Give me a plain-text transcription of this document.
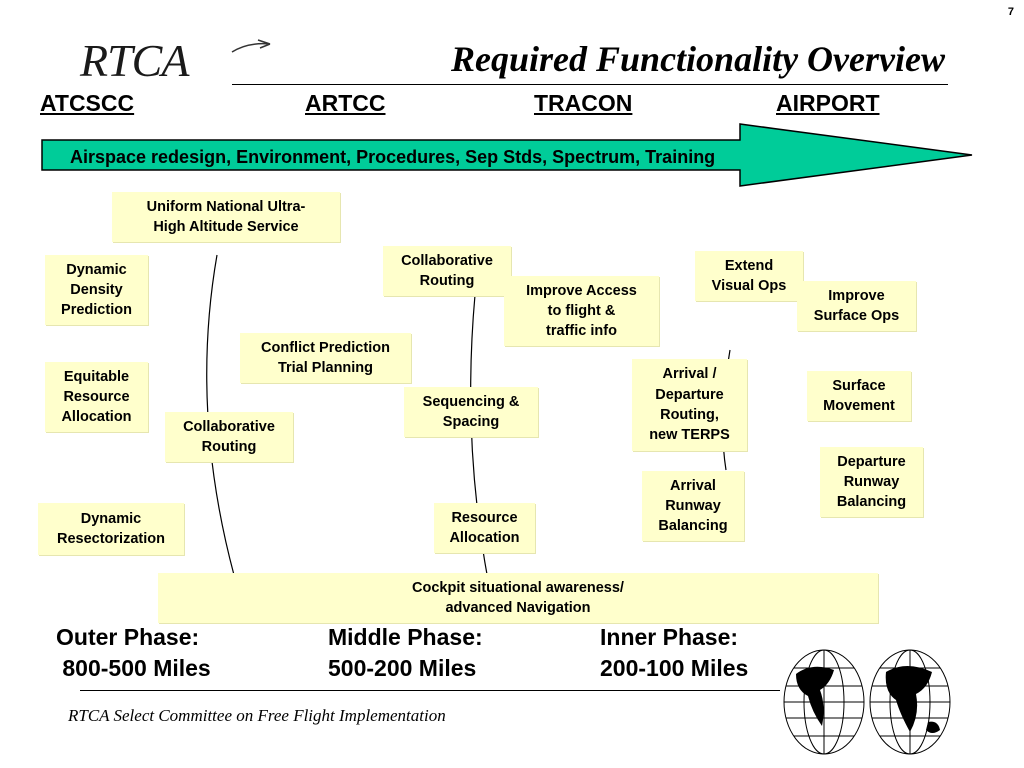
7
RTCA	Required Functionality Overview
ATCSCC	ARTCC	TRACON	AIRPORT
Airspace redesign, Environment, Procedures, Sep Stds, Spectrum, Training
Uniform National Ultra-
High Altitude Service
Dynamic
Density
Prediction
Equitable
Resource
Allocation
Dynamic
Resectorization
Conflict Prediction
Trial Planning
Collaborative
Routing
Collaborative
Routing
Improve Access
to flight &
traffic info
Sequencing &
Spacing
Resource
Allocation
Extend
Visual Ops
Arrival /
Departure
Routing,
new TERPS
Arrival
Runway
Balancing
Improve
Surface Ops
Surface
Movement
Departure
Runway
Balancing
Cockpit situational awareness/
advanced Navigation
Outer Phase:
800-500 Miles
Middle Phase:
500-200 Miles
Inner Phase:
200-100 Miles
RTCA Select Committee on Free Flight Implementation
